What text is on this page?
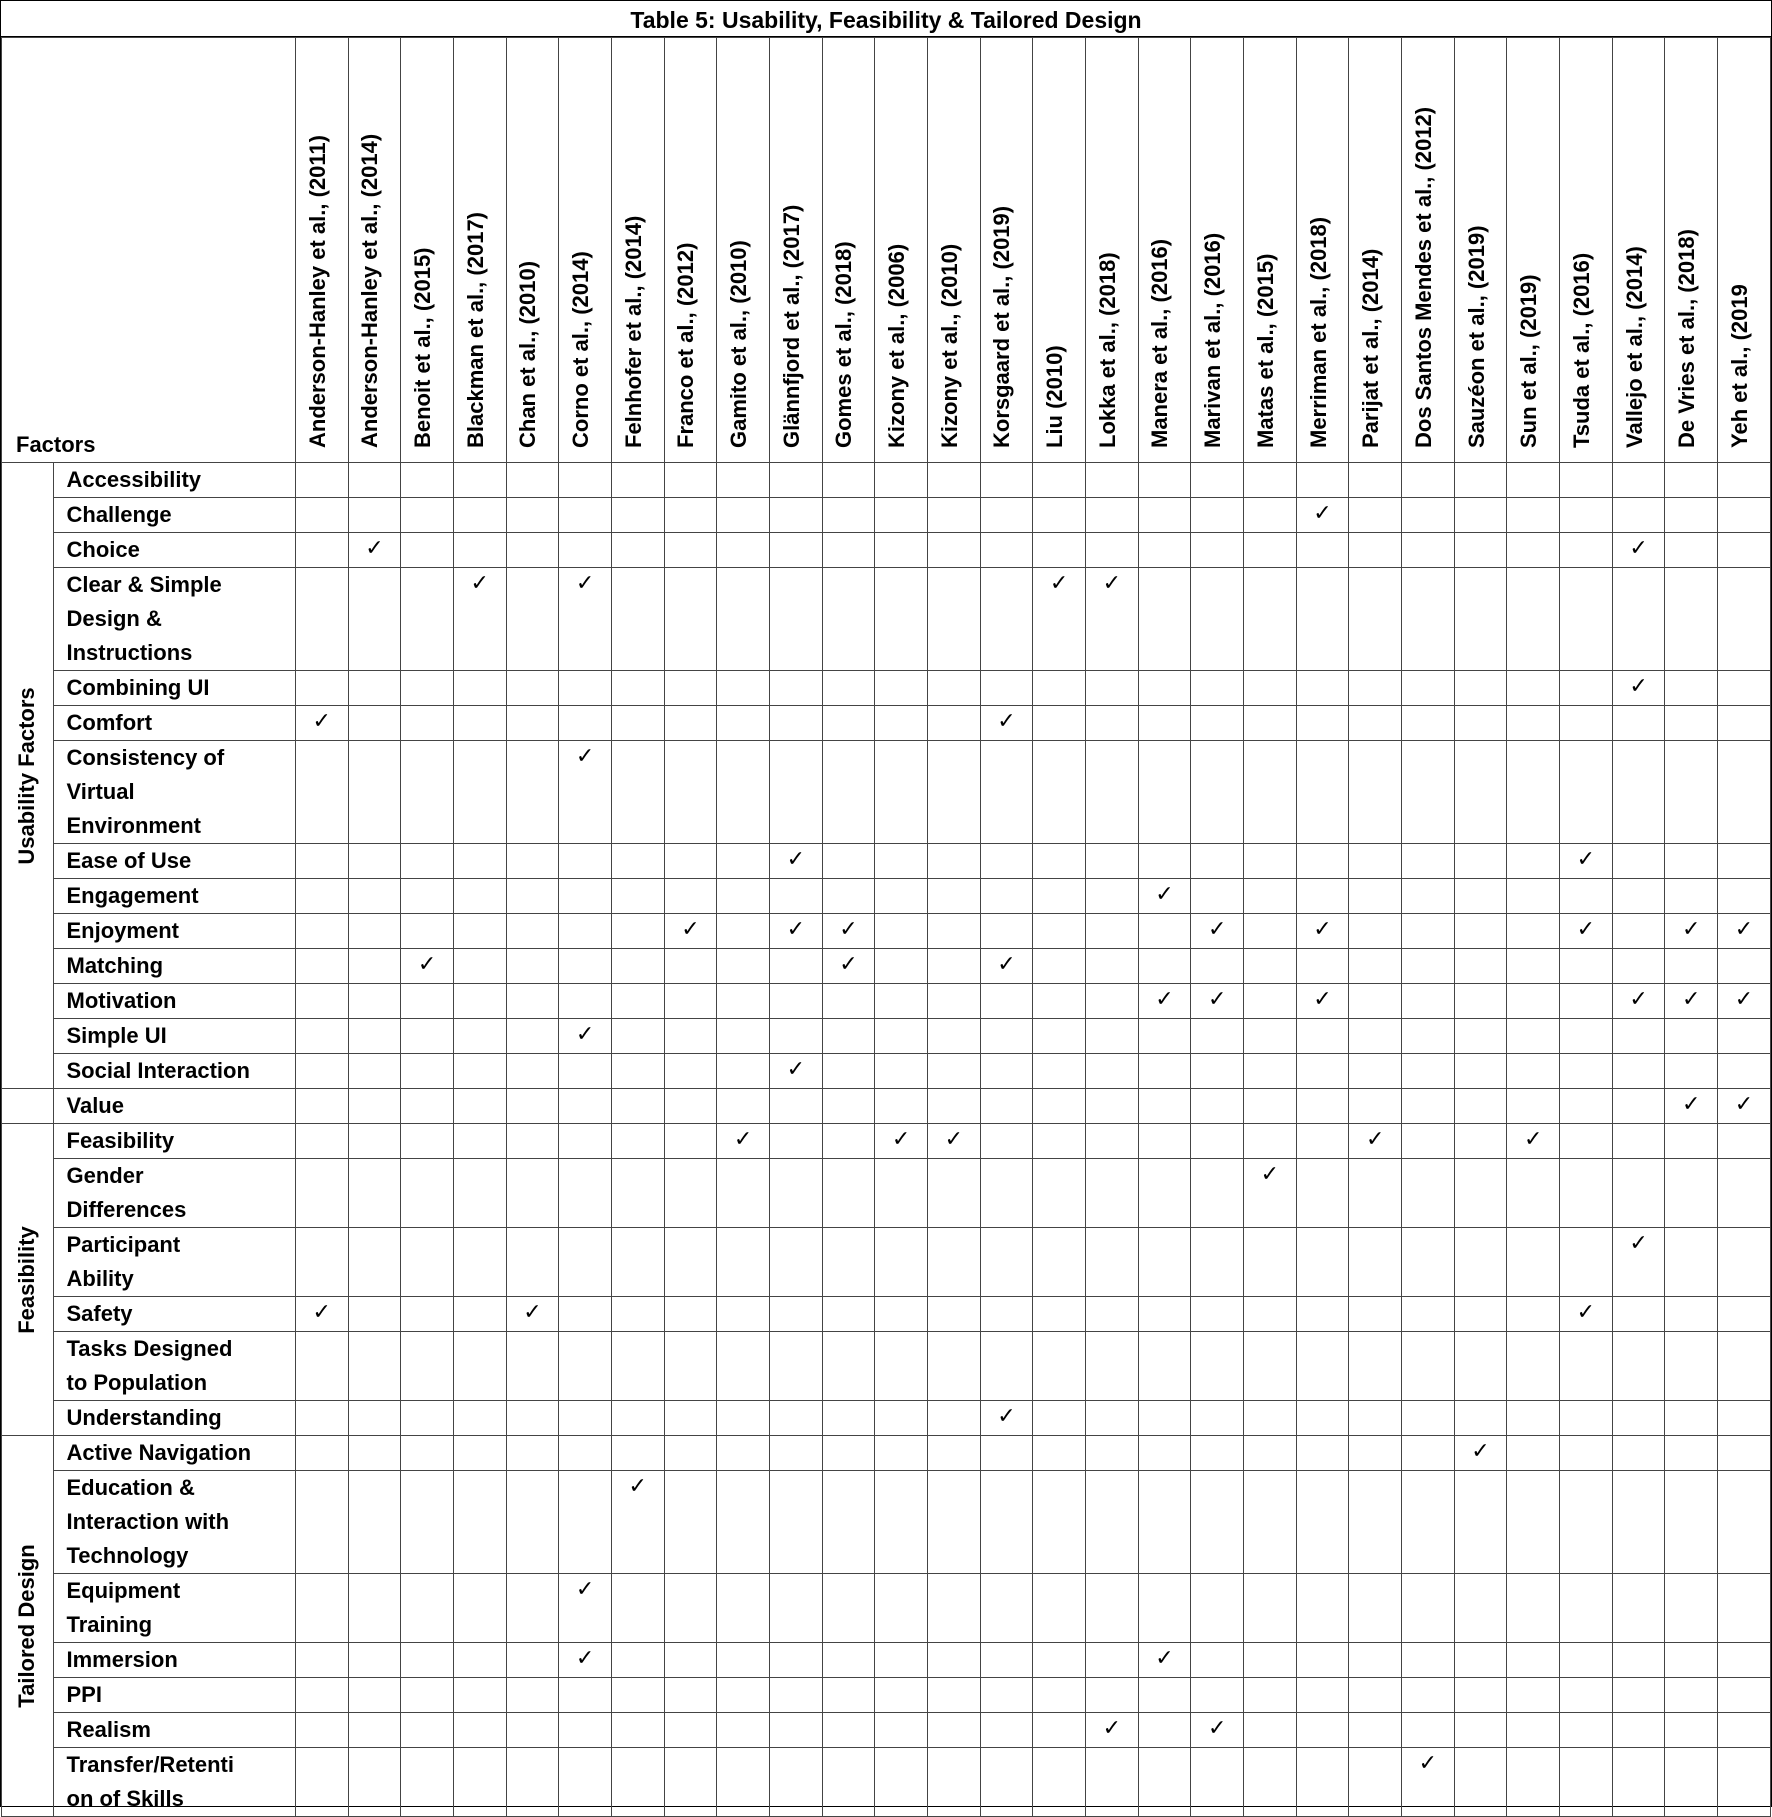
Table 5: Usability, Feasibility & Tailored Design
Factors		Anderson-Hanley et al., (2011)	Anderson-Hanley et al., (2014)	Benoit et al., (2015)	Blackman et al., (2017)	Chan et al., (2010)	Corno et al., (2014)	Felnhofer et al., (2014)	Franco et al., (2012)	Gamito et al., (2010)	Glännfjord et al., (2017)	Gomes et al., (2018)	Kizony et al., (2006)	Kizony et al., (2010)	Korsgaard et al., (2019)	Liu (2010)	Lokka et al., (2018)	Manera et al., (2016)	Marivan et al., (2016)	Matas et al., (2015)	Merriman et al., (2018)	Parijat et al., (2014)	Dos Santos Mendes et al., (2012)	Sauzéon et al., (2019)	Sun et al., (2019)	Tsuda et al., (2016)	Vallejo et al., (2014)	De Vries et al., (2018)	Yeh et al., (2019

Usability Factors	Accessibility																												

	Challenge																				✓								

	Choice		✓																								✓		

	Clear & Simple
Design &
Instructions				✓		✓									✓	✓												

	Combining UI																										✓		

	Comfort	✓													✓														

	Consistency of
Virtual
Environment						✓																						

	Ease of Use										✓															✓			

	Engagement																	✓											

	Enjoyment								✓		✓	✓							✓		✓					✓		✓	✓

	Matching			✓								✓			✓														

	Motivation																	✓	✓		✓						✓	✓	✓

	Simple UI						✓																						

	Social Interaction										✓																		

	Value																											✓	✓

Feasibility	Feasibility									✓			✓	✓								✓			✓				

	Gender
Differences																			✓									

	Participant
Ability																										✓		

	Safety	✓				✓																				✓			

	Tasks Designed
to Population																												

	Understanding														✓														

Tailored Design	Active Navigation																							✓					

	Education &
Interaction with
Technology							✓																					

	Equipment
Training						✓																						

	Immersion						✓											✓											

	PPI																												

	Realism																✓		✓										

	Transfer/Retenti
on of Skills																						✓						
